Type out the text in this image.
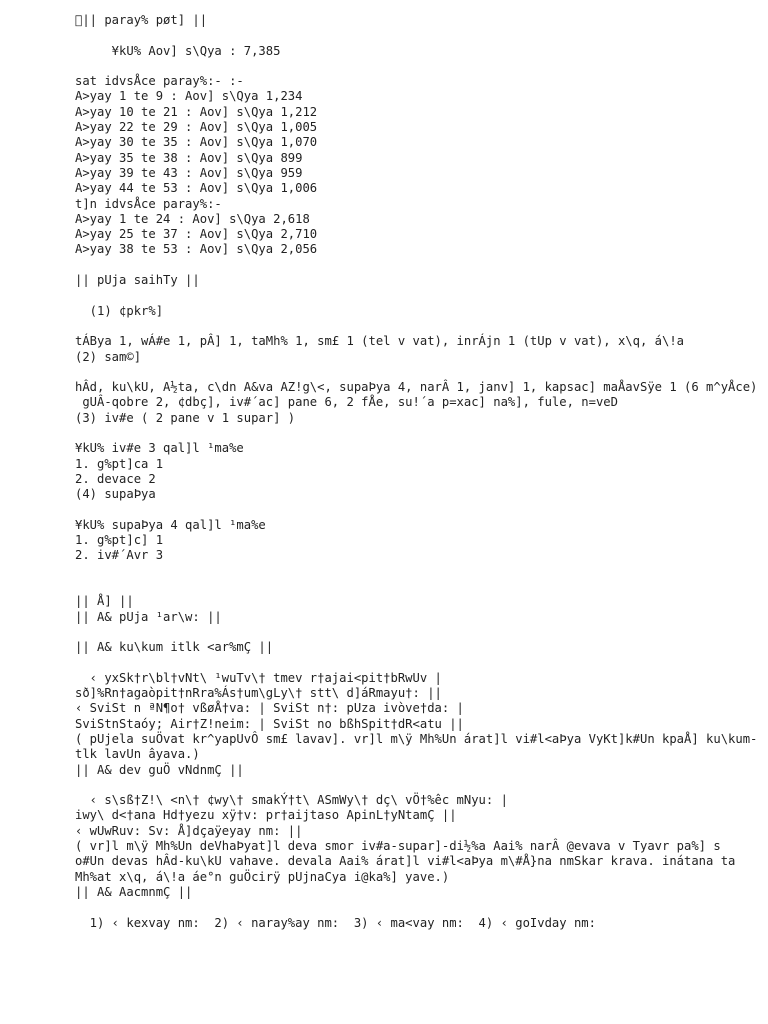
|| paray% pøt] ||
¥kU% Aov] s\Qya : 7,385
sat idvsÅce paray%:- :-
A>yay 1 te 9 : Aov] s\Qya 1,234
A>yay 10 te 21 : Aov] s\Qya 1,212
A>yay 22 te 29 : Aov] s\Qya 1,005
A>yay 30 te 35 : Aov] s\Qya 1,070
A>yay 35 te 38 : Aov] s\Qya 899
A>yay 39 te 43 : Aov] s\Qya 959
A>yay 44 te 53 : Aov] s\Qya 1,006
t]n idvsÅce paray%:-
A>yay 1 te 24 : Aov] s\Qya 2,618
A>yay 25 te 37 : Aov] s\Qya 2,710
A>yay 38 te 53 : Aov] s\Qya 2,056
|| pUja saihTy ||
(1) ¢pkr%]
tÁBya 1, wÁ#e 1, pÂ] 1, taMh% 1, sm£ 1 (tel v vat), inrÁjn 1 (tUp v vat), x\q, á\!a
(2) sam©]
hÂd, ku\kU, A½ta, c\dn A&va AZ!g\<, supaÞya 4, narÂ 1, janv] 1, kapsac] maÅavSÿe 1 (6 m^yÅce)
gUÂ-qobre 2, ¢dbç], iv#´ac] pane 6, 2 fÅe, su!´a p=xac] na%], fule, n=veD
(3) iv#e ( 2 pane v 1 supar] )
¥kU% iv#e 3 qal]l ¹ma%e
1. g%pt]ca 1
2. devace 2
(4) supaÞya
¥kU% supaÞya 4 qal]l ¹ma%e
1. g%pt]c] 1
2. iv#´Avr 3
|| Å] ||
|| A& pUja ¹ar\w: ||
|| A& ku\kum itlk <ar%mÇ ||
‹ yxSk†r\bl†vNt\ ¹wuTv\† tmev r†ajai<pit†bRwUv |
sð]%Rn†agaòpit†nRra%Ás†um\gLy\† stt\ d]áRmayu†: ||
‹ SviSt n ªN¶o† vßøÅ†va: | SviSt n†: pUza ivòve†da: |
SviStnStaóy; Air†Z!neim: | SviSt no bßhSpit†dR<atu ||
( pUjela suÖvat kr^yapUvÔ sm£ lavav]. vr]l m\ÿ Mh%Un árat]l vi#l<aÞya VyKt]k#Un kpaÅ] ku\kum-
tlk lavUn âyava.)
|| A& dev guÖ vNdnmÇ ||
‹ s\sß†Z!\ <n\† ¢wy\† smakÝ†t\ ASmWy\† dç\ vÖ†%êc mNyu: |
iwy\ d<†ana Hd†yezu xÿ†v: pr†aijtaso ApinL†yNtamÇ ||
‹ wUwRuv: Sv: Å]dçaÿeyay nm: ||
( vr]l m\ÿ Mh%Un deVhaÞyat]l deva smor iv#a-supar]-di½%a Aai% narÂ @evava v Tyavr pa%] s
o#Un devas hÂd-ku\kU vahave. devala Aai% árat]l vi#l<aÞya m\#Å}na nmSkar krava. inátana ta
Mh%at x\q, á\!a áe°n guÖcirÿ pUjnaCya i@ka%] yave.)
|| A& AacmnmÇ ||
1) ‹ kexvay nm:  2) ‹ naray%ay nm:  3) ‹ ma<vay nm:  4) ‹ goIvday nm:
